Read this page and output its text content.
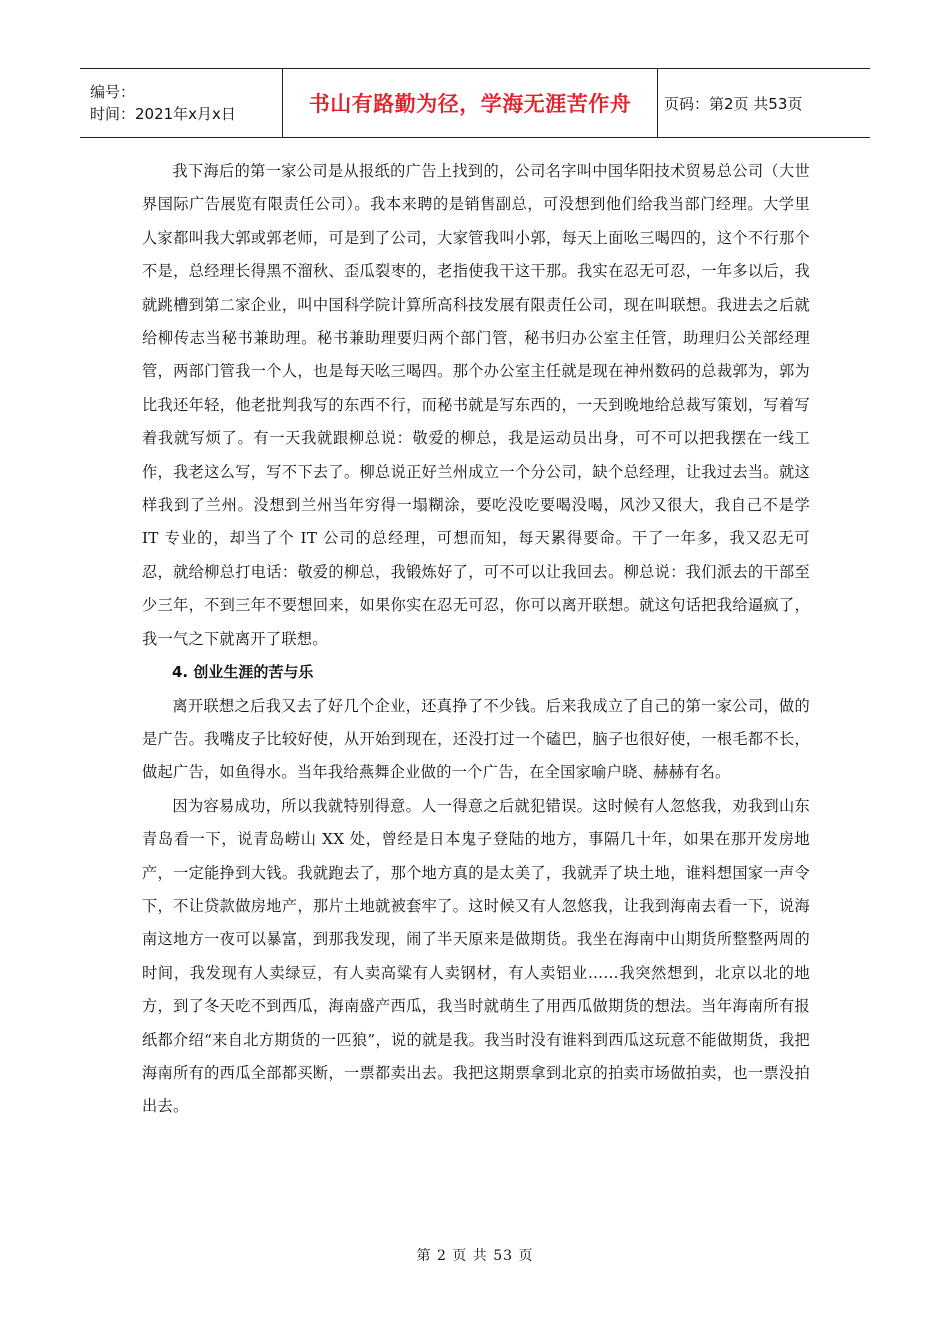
编号：
时间：2021年x月x日	书山有路勤为径，学海无涯苦作舟 页码：第2页 共53页

我下海后的第一家公司是从报纸的广告上找到的，公司名字叫中国华阳技术贸易总公司（大世界国际广告展览有限责任公司）。我本来聘的是销售副总，可没想到他们给我当部门经理。大学里人家都叫我大郭或郭老师，可是到了公司，大家管我叫小郭，每天上面吆三喝四的，这个不行那个不是，总经理长得黑不溜秋、歪瓜裂枣的，老指使我干这干那。我实在忍无可忍，一年多以后，我就跳槽到第二家企业，叫中国科学院计算所高科技发展有限责任公司，现在叫联想。我进去之后就给柳传志当秘书兼助理。秘书兼助理要归两个部门管，秘书归办公室主任管，助理归公关部经理管，两部门管我一个人，也是每天吆三喝四。那个办公室主任就是现在神州数码的总裁郭为，郭为比我还年轻，他老批判我写的东西不行，而秘书就是写东西的，一天到晚地给总裁写策划，写着写着我就写烦了。有一天我就跟柳总说：敬爱的柳总，我是运动员出身，可不可以把我摆在一线工作，我老这么写，写不下去了。柳总说正好兰州成立一个分公司，缺个总经理，让我过去当。就这样我到了兰州。没想到兰州当年穷得一塌糊涂，要吃没吃要喝没喝，风沙又很大，我自己不是学 IT 专业的，却当了个 IT 公司的总经理，可想而知，每天累得要命。干了一年多，我又忍无可忍，就给柳总打电话：敬爱的柳总，我锻炼好了，可不可以让我回去。柳总说：我们派去的干部至少三年，不到三年不要想回来，如果你实在忍无可忍，你可以离开联想。就这句话把我给逼疯了，我一气之下就离开了联想。

4. 创业生涯的苦与乐

离开联想之后我又去了好几个企业，还真挣了不少钱。后来我成立了自己的第一家公司，做的是广告。我嘴皮子比较好使，从开始到现在，还没打过一个磕巴，脑子也很好使，一根毛都不长，做起广告，如鱼得水。当年我给燕舞企业做的一个广告，在全国家喻户晓、赫赫有名。

因为容易成功，所以我就特别得意。人一得意之后就犯错误。这时候有人忽悠我，劝我到山东青岛看一下，说青岛崂山 XX 处，曾经是日本鬼子登陆的地方，事隔几十年，如果在那开发房地产，一定能挣到大钱。我就跑去了，那个地方真的是太美了，我就弄了块土地，谁料想国家一声令下，不让贷款做房地产，那片土地就被套牢了。这时候又有人忽悠我，让我到海南去看一下，说海南这地方一夜可以暴富，到那我发现，闹了半天原来是做期货。我坐在海南中山期货所整整两周的时间，我发现有人卖绿豆，有人卖高粱有人卖钢材，有人卖铝业……我突然想到，北京以北的地方，到了冬天吃不到西瓜，海南盛产西瓜，我当时就萌生了用西瓜做期货的想法。当年海南所有报纸都介绍“来自北方期货的一匹狼”，说的就是我。我当时没有谁料到西瓜这玩意不能做期货，我把海南所有的西瓜全部都买断，一票都卖出去。我把这期票拿到北京的拍卖市场做拍卖，也一票没拍出去。

第 2 页 共 53 页
